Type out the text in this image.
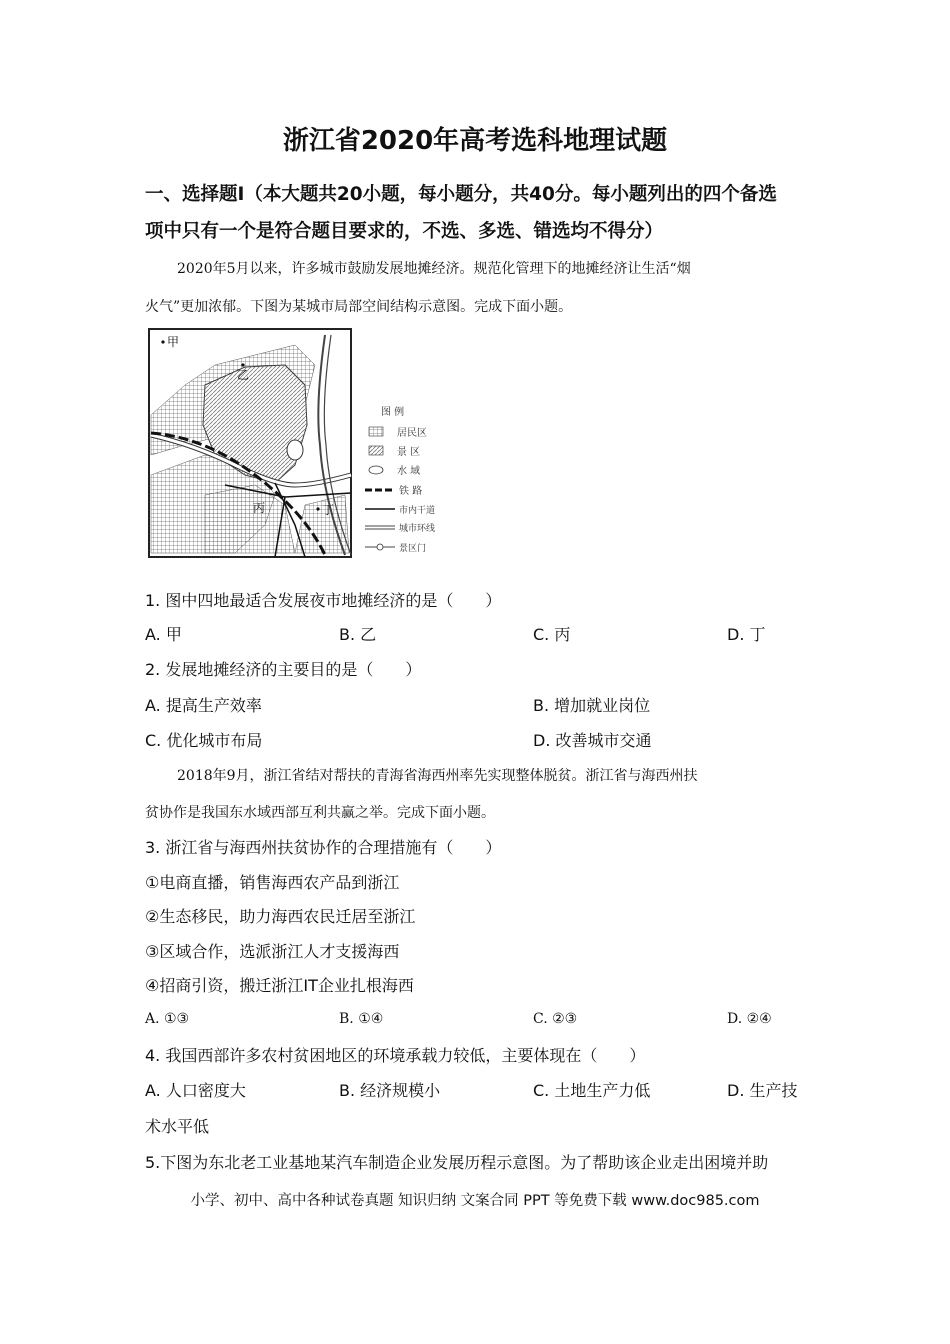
浙江省2020年高考选科地理试题
一、选择题I（本大题共20小题，每小题分，共40分。每小题列出的四个备选
项中只有一个是符合题目要求的，不选、多选、错选均不得分）
2020年5月以来，许多城市鼓励发展地摊经济。规范化管理下的地摊经济让生活“烟
火气”更加浓郁。下图为某城市局部空间结构示意图。完成下面小题。
甲
乙
丙	丁
图 例
居民区
景 区
水 域
铁 路
市内干道
城市环线
景区门
1. 图中四地最适合发展夜市地摊经济的是（　　）
A. 甲	B. 乙	C. 丙	D. 丁
2. 发展地摊经济的主要目的是（　　）
A. 提高生产效率	B. 增加就业岗位
C. 优化城市布局	D. 改善城市交通
2018年9月，浙江省结对帮扶的青海省海西州率先实现整体脱贫。浙江省与海西州扶
贫协作是我国东水域西部互利共赢之举。完成下面小题。
3. 浙江省与海西州扶贫协作的合理措施有（　　）
①电商直播，销售海西农产品到浙江
②生态移民，助力海西农民迁居至浙江
③区域合作，选派浙江人才支援海西
④招商引资，搬迁浙江IT企业扎根海西
A. ①③	B. ①④	C. ②③	D. ②④
4. 我国西部许多农村贫困地区的环境承载力较低，主要体现在（　　）
A. 人口密度大	B. 经济规模小	C. 土地生产力低	D. 生产技
术水平低
5.下图为东北老工业基地某汽车制造企业发展历程示意图。为了帮助该企业走出困境并助
小学、初中、高中各种试卷真题 知识归纳 文案合同 PPT 等免费下载 www.doc985.com
